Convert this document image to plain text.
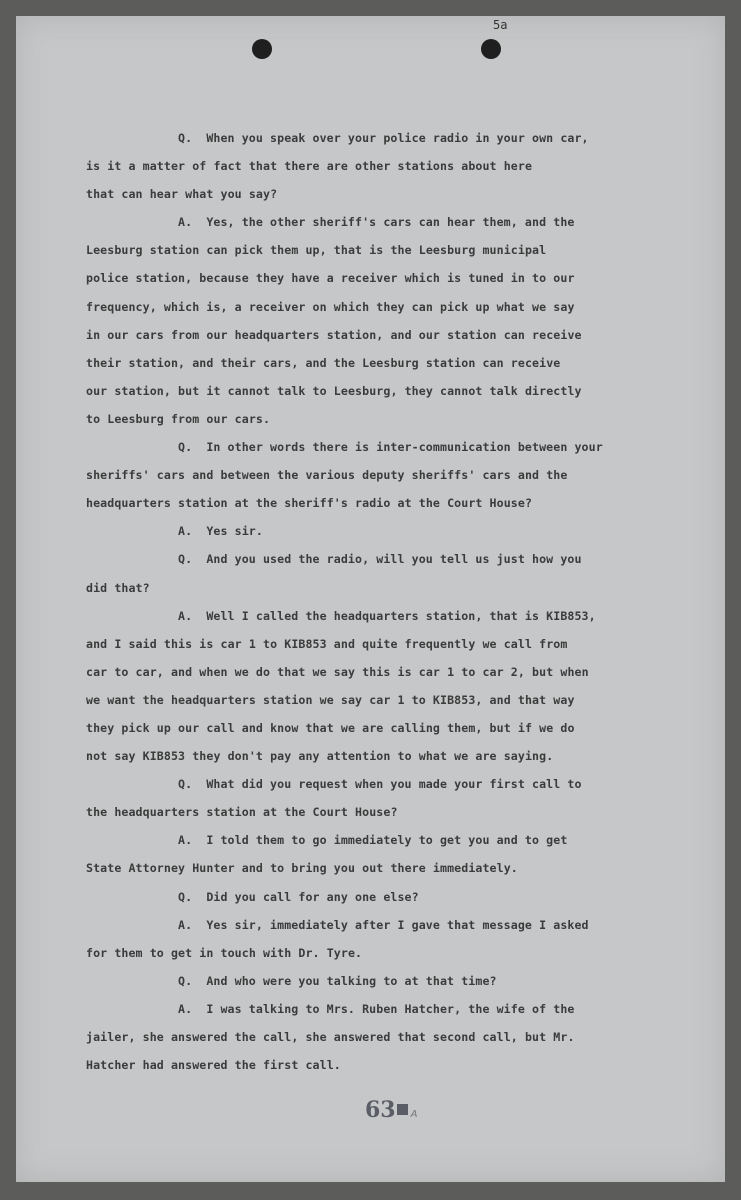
5a
Q.  When you speak over your police radio in your own car,
is it a matter of fact that there are other stations about here
that can hear what you say?
A.  Yes, the other sheriff's cars can hear them, and the
Leesburg station can pick them up, that is the Leesburg municipal
police station, because they have a receiver which is tuned in to our
frequency, which is, a receiver on which they can pick up what we say
in our cars from our headquarters station, and our station can receive
their station, and their cars, and the Leesburg station can receive
our station, but it cannot talk to Leesburg, they cannot talk directly
to Leesburg from our cars.
Q.  In other words there is inter-communication between your
sheriffs' cars and between the various deputy sheriffs' cars and the
headquarters station at the sheriff's radio at the Court House?
A.  Yes sir.
Q.  And you used the radio, will you tell us just how you
did that?
A.  Well I called the headquarters station, that is KIB853,
and I said this is car 1 to KIB853 and quite frequently we call from
car to car, and when we do that we say this is car 1 to car 2, but when
we want the headquarters station we say car 1 to KIB853, and that way
they pick up our call and know that we are calling them, but if we do
not say KIB853 they don't pay any attention to what we are saying.
Q.  What did you request when you made your first call to
the headquarters station at the Court House?
A.  I told them to go immediately to get you and to get
State Attorney Hunter and to bring you out there immediately.
Q.  Did you call for any one else?
A.  Yes sir, immediately after I gave that message I asked
for them to get in touch with Dr. Tyre.
Q.  And who were you talking to at that time?
A.  I was talking to Mrs. Ruben Hatcher, the wife of the
jailer, she answered the call, she answered that second call, but Mr.
Hatcher had answered the first call.
63 A
